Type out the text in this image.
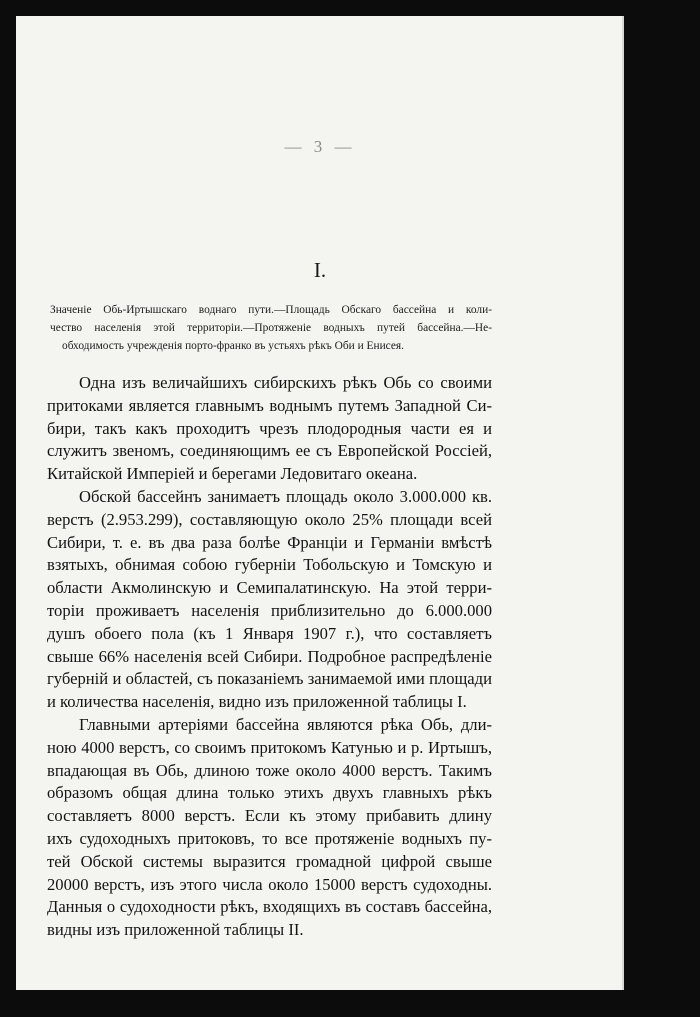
— 3 —
I.
Значеніе Обь-Иртышскаго воднаго пути.—Площадь Обскаго бассейна и коли-
чество населенія этой территоріи.—Протяженіе водныхъ путей бассейна.—Не-
обходимость учрежденія порто-франко въ устьяхъ рѣкъ Оби и Енисея.
Одна изъ величайшихъ сибирскихъ рѣкъ Обь со своими
притоками является главнымъ воднымъ путемъ Западной Си-
бири, такъ какъ проходитъ чрезъ плодородныя части ея и
служитъ звеномъ, соединяющимъ ее съ Европейской Россіей,
Китайской Имперіей и берегами Ледовитаго океана.
Обской бассейнъ занимаетъ площадь около 3.000.000 кв.
верстъ (2.953.299), составляющую около 25% площади всей
Сибири, т. е. въ два раза болѣе Франціи и Германіи вмѣстѣ
взятыхъ, обнимая собою губерніи Тобольскую и Томскую и
области Акмолинскую и Семипалатинскую. На этой терри-
торіи проживаетъ населенія приблизительно до 6.000.000
душъ обоего пола (къ 1 Января 1907 г.), что составляетъ
свыше 66% населенія всей Сибири. Подробное распредѣленіе
губерній и областей, съ показаніемъ занимаемой ими площади
и количества населенія, видно изъ приложенной таблицы I.
Главными артеріями бассейна являются рѣка Обь, дли-
ною 4000 верстъ, со своимъ притокомъ Катунью и р. Иртышъ,
впадающая въ Обь, длиною тоже около 4000 верстъ. Такимъ
образомъ общая длина только этихъ двухъ главныхъ рѣкъ
составляетъ 8000 верстъ. Если къ этому прибавить длину
ихъ судоходныхъ притоковъ, то все протяженіе водныхъ пу-
тей Обской системы выразится громадной цифрой свыше
20000 верстъ, изъ этого числа около 15000 верстъ судоходны.
Данныя о судоходности рѣкъ, входящихъ въ составъ бассейна,
видны изъ приложенной таблицы II.
